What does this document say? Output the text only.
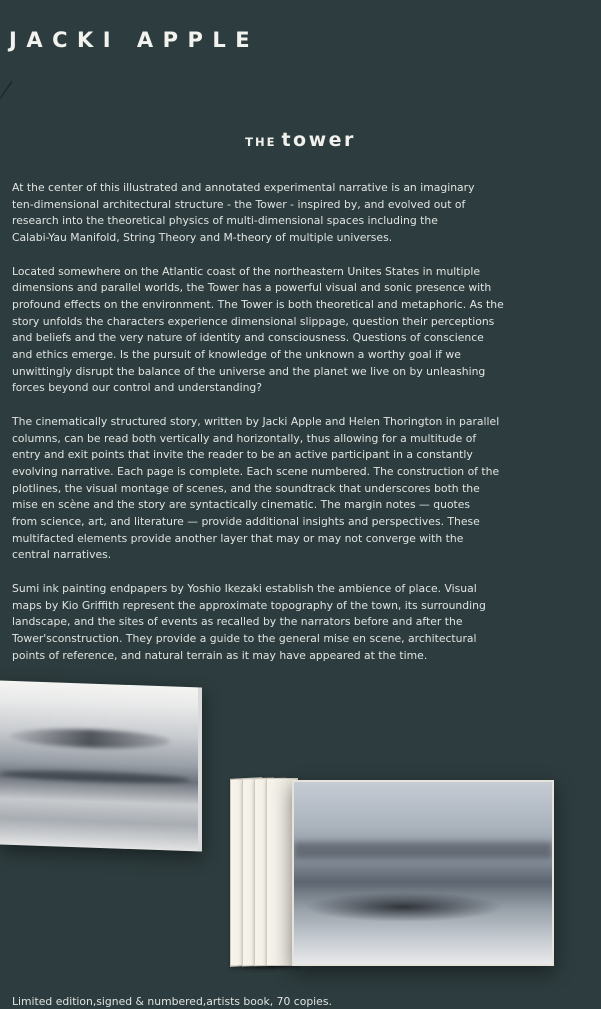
JACKI APPLE
THE tower

At the center of this illustrated and annotated experimental narrative is an imaginary
ten-dimensional architectural structure - the Tower - inspired by, and evolved out of
research into the theoretical physics of multi-dimensional spaces including the
Calabi-Yau Manifold, String Theory and M-theory of multiple universes.

Located somewhere on the Atlantic coast of the northeastern Unites States in multiple
dimensions and parallel worlds, the Tower has a powerful visual and sonic presence with
profound effects on the environment. The Tower is both theoretical and metaphoric. As the
story unfolds the characters experience dimensional slippage, question their perceptions
and beliefs and the very nature of identity and consciousness. Questions of conscience
and ethics emerge. Is the pursuit of knowledge of the unknown a worthy goal if we
unwittingly disrupt the balance of the universe and the planet we live on by unleashing
forces beyond our control and understanding?

The cinematically structured story, written by Jacki Apple and Helen Thorington in parallel
columns, can be read both vertically and horizontally, thus allowing for a multitude of
entry and exit points that invite the reader to be an active participant in a constantly
evolving narrative. Each page is complete. Each scene numbered. The construction of the
plotlines, the visual montage of scenes, and the soundtrack that underscores both the
mise en scène and the story are syntactically cinematic. The margin notes — quotes
from science, art, and literature — provide additional insights and perspectives. These
multifacted elements provide another layer that may or may not converge with the
central narratives.

Sumi ink painting endpapers by Yoshio Ikezaki establish the ambience of place. Visual
maps by Kio Griffith represent the approximate topography of the town, its surrounding
landscape, and the sites of events as recalled by the narrators before and after the
Tower'sconstruction. They provide a guide to the general mise en scene, architectural
points of reference, and natural terrain as it may have appeared at the time.

Limited edition,signed & numbered,artists book, 70 copies.
